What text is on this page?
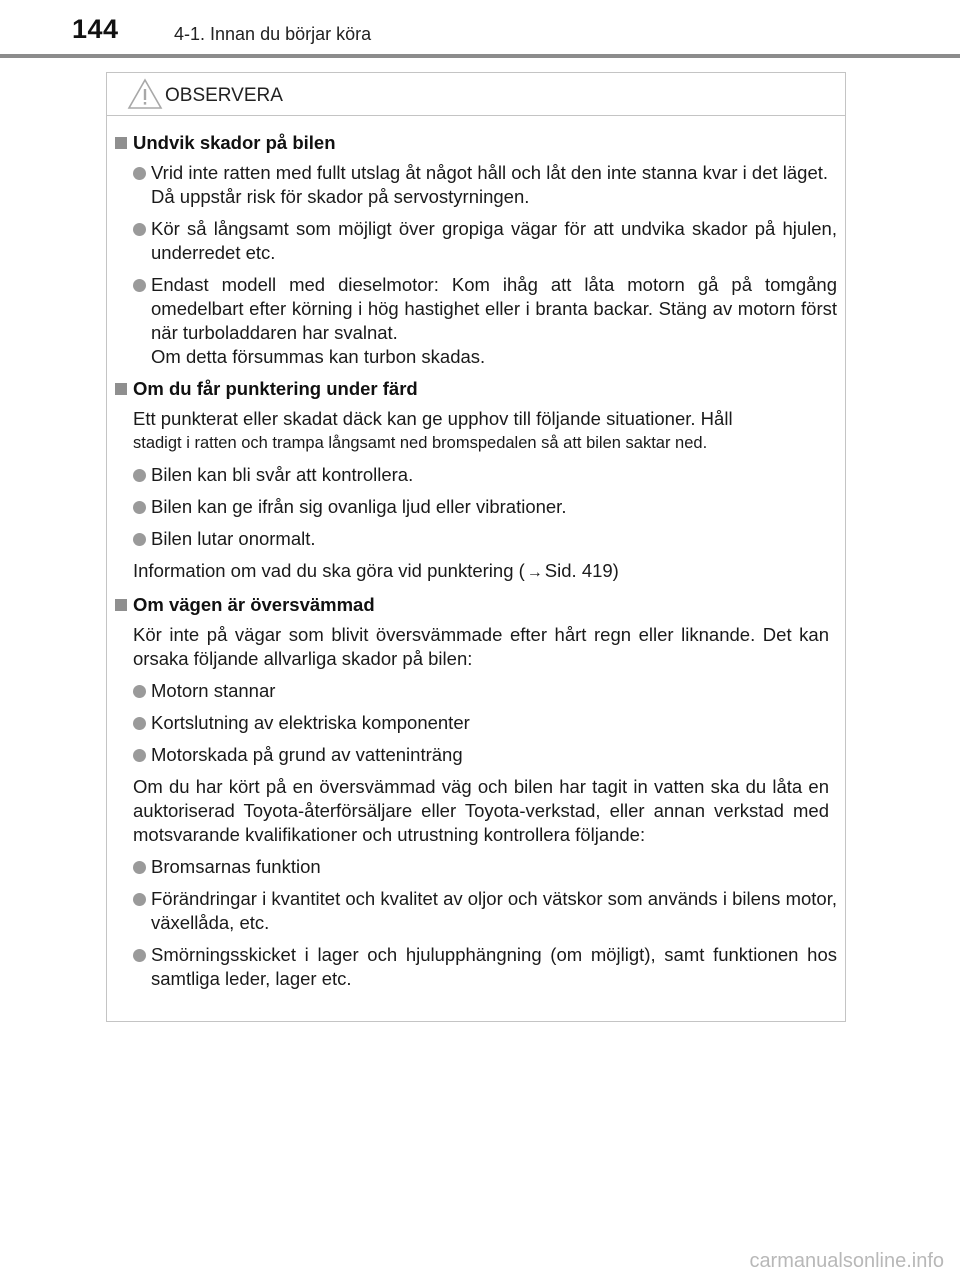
144	4-1. Innan du börjar köra
OBSERVERA
Undvik skador på bilen
Vrid inte ratten med fullt utslag åt något håll och låt den inte stanna kvar i det läget.
Då uppstår risk för skador på servostyrningen.
Kör så långsamt som möjligt över gropiga vägar för att undvika skador på hjulen, underredet etc.
Endast modell med dieselmotor: Kom ihåg att låta motorn gå på tomgång omedelbart efter körning i hög hastighet eller i branta backar. Stäng av motorn först när turboladdaren har svalnat.
Om detta försummas kan turbon skadas.
Om du får punktering under färd
Ett punkterat eller skadat däck kan ge upphov till följande situationer. Håll
stadigt i ratten och trampa långsamt ned bromspedalen så att bilen saktar ned.
Bilen kan bli svår att kontrollera.
Bilen kan ge ifrån sig ovanliga ljud eller vibrationer.
Bilen lutar onormalt.
Information om vad du ska göra vid punktering ( → Sid. 419)
Om vägen är översvämmad
Kör inte på vägar som blivit översvämmade efter hårt regn eller liknande. Det kan orsaka följande allvarliga skador på bilen:
Motorn stannar
Kortslutning av elektriska komponenter
Motorskada på grund av vatteninträng
Om du har kört på en översvämmad väg och bilen har tagit in vatten ska du låta en auktoriserad Toyota-återförsäljare eller Toyota-verkstad, eller annan verkstad med motsvarande kvalifikationer och utrustning kontrollera följande:
Bromsarnas funktion
Förändringar i kvantitet och kvalitet av oljor och vätskor som används i bilens motor, växellåda, etc.
Smörningsskicket i lager och hjulupphängning (om möjligt), samt funktionen hos samtliga leder, lager etc.
carmanualsonline.info
